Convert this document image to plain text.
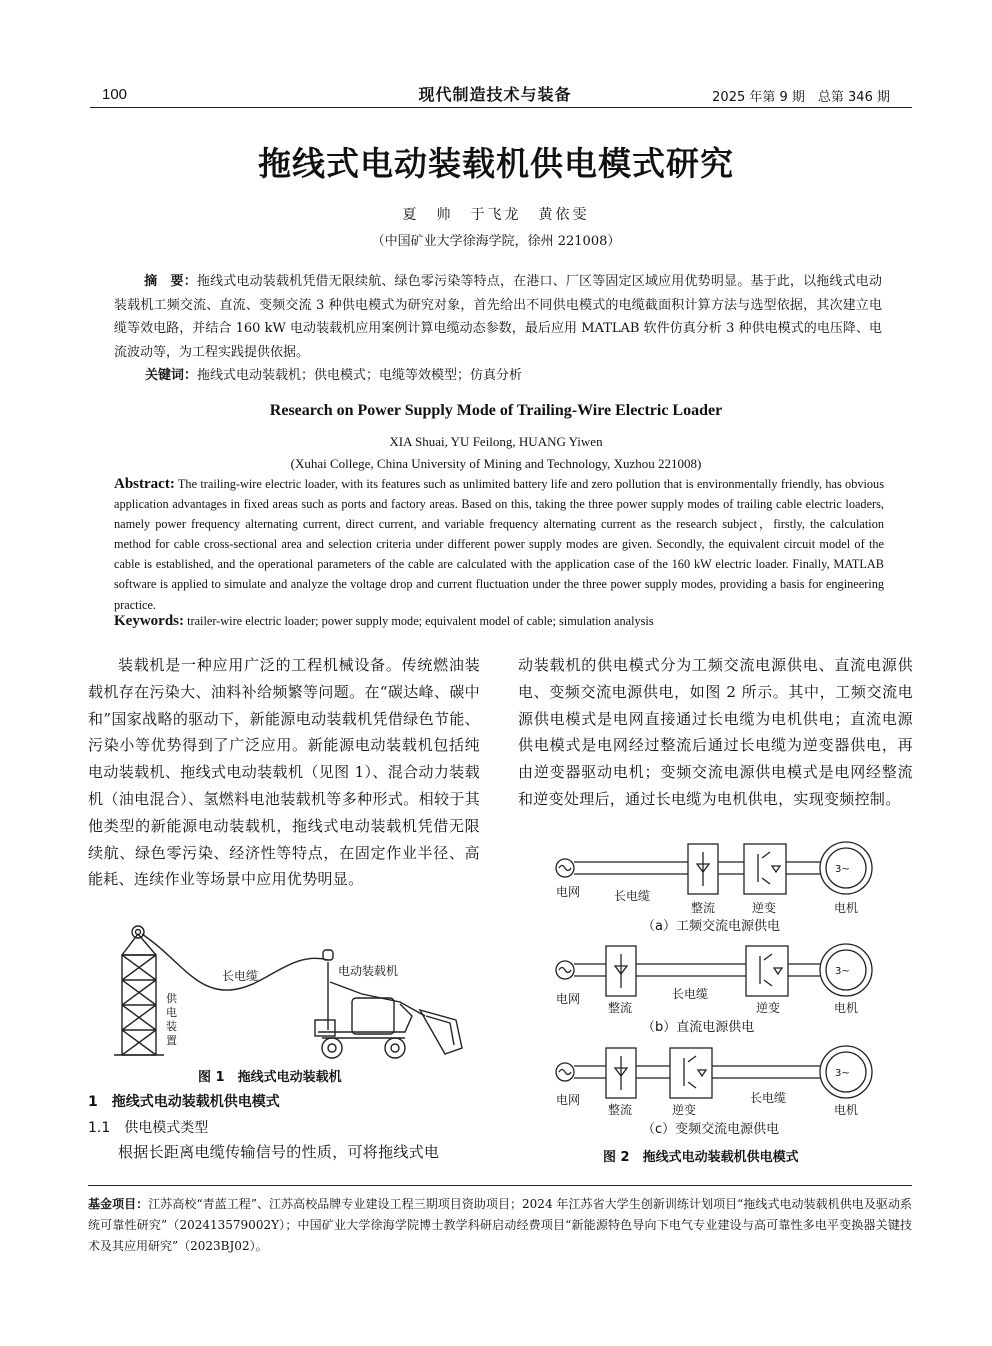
100	现代制造技术与装备	2025 年第 9 期　总第 346 期
拖线式电动装载机供电模式研究
夏　帅　于飞龙　黄依雯
（中国矿业大学徐海学院，徐州 221008）
摘　要：拖线式电动装载机凭借无限续航、绿色零污染等特点，在港口、厂区等固定区域应用优势明显。基于此，以拖线式电动装载机工频交流、直流、变频交流 3 种供电模式为研究对象，首先给出不同供电模式的电缆截面积计算方法与选型依据，其次建立电缆等效电路，并结合 160 kW 电动装载机应用案例计算电缆动态参数，最后应用 MATLAB 软件仿真分析 3 种供电模式的电压降、电流波动等，为工程实践提供依据。
关键词：拖线式电动装载机；供电模式；电缆等效模型；仿真分析
Research on Power Supply Mode of Trailing-Wire Electric Loader
XIA Shuai, YU Feilong, HUANG Yiwen
(Xuhai College, China University of Mining and Technology, Xuzhou 221008)
Abstract: The trailing-wire electric loader, with its features such as unlimited battery life and zero pollution that is environmentally friendly, has obvious application advantages in fixed areas such as ports and factory areas. Based on this, taking the three power supply modes of trailing cable electric loaders, namely power frequency alternating current, direct current, and variable frequency alternating current as the research subject，firstly, the calculation method for cable cross-sectional area and selection criteria under different power supply modes are given. Secondly, the equivalent circuit model of the cable is established, and the operational parameters of the cable are calculated with the application case of the 160 kW electric loader. Finally, MATLAB software is applied to simulate and analyze the voltage drop and current fluctuation under the three power supply modes, providing a basis for engineering practice.
Keywords: trailer-wire electric loader; power supply mode; equivalent model of cable; simulation analysis
装载机是一种应用广泛的工程机械设备。传统燃油装载机存在污染大、油料补给频繁等问题。在“碳达峰、碳中和”国家战略的驱动下，新能源电动装载机凭借绿色节能、污染小等优势得到了广泛应用。新能源电动装载机包括纯电动装载机、拖线式电动装载机（见图 1）、混合动力装载机（油电混合）、氢燃料电池装载机等多种形式。相较于其他类型的新能源电动装载机，拖线式电动装载机凭借无限续航、绿色零污染、经济性等特点，在固定作业半径、高能耗、连续作业等场景中应用优势明显。
动装载机的供电模式分为工频交流电源供电、直流电源供电、变频交流电源供电，如图 2 所示。其中，工频交流电源供电模式是电网直接通过长电缆为电机供电；直流电源供电模式是电网经过整流后通过长电缆为逆变器供电，再由逆变器驱动电机；变频交流电源供电模式是电网经整流和逆变处理后，通过长电缆为电机供电，实现变频控制。
长电缆	电动装载机
供
电
装
置
图 1　拖线式电动装载机
1　拖线式电动装载机供电模式
1.1　供电模式类型
根据长距离电缆传输信号的性质，可将拖线式电
电网	长电缆
整流	逆变
3~
电机
（a）工频交流电源供电
电网
整流
长电缆
逆变
3~
电机
（b）直流电源供电
电网
整流	逆变
长电缆
3~
电机
（c）变频交流电源供电
图 2　拖线式电动装载机供电模式
基金项目：江苏高校“青蓝工程”、江苏高校品牌专业建设工程三期项目资助项目；2024 年江苏省大学生创新训练计划项目“拖线式电动装载机供电及驱动系统可靠性研究”（202413579002Y）；中国矿业大学徐海学院博士教学科研启动经费项目“新能源特色导向下电气专业建设与高可靠性多电平变换器关键技术及其应用研究”（2023BJ02）。
